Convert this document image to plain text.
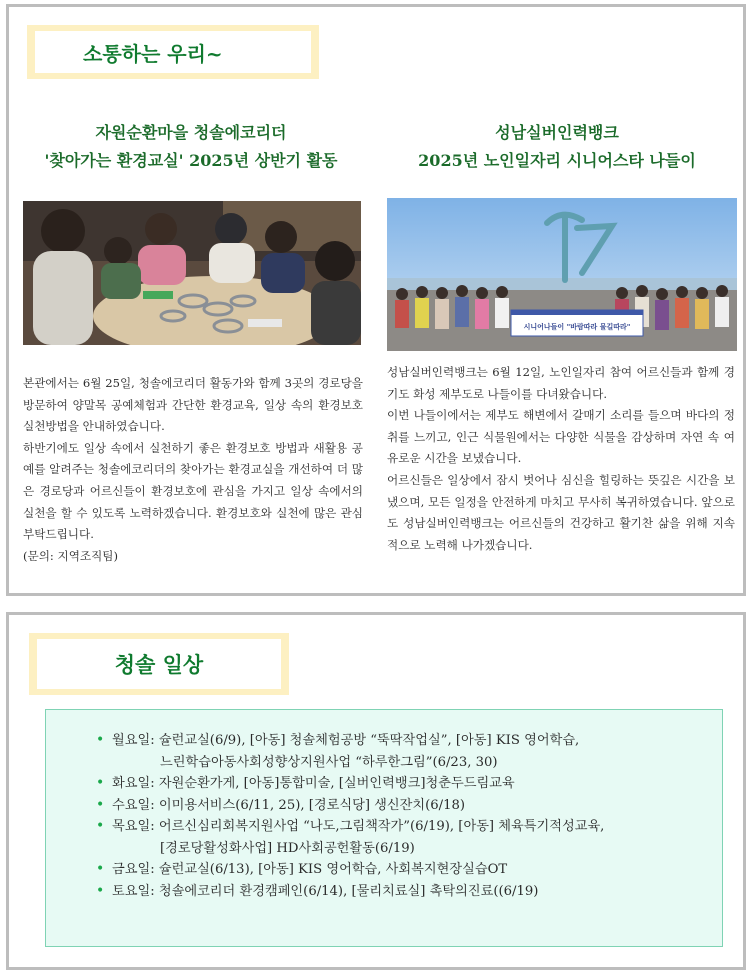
소통하는 우리~
자원순환마을 청솔에코리더
'찾아가는 환경교실' 2025년 상반기 활동

본관에서는 6월 25일, 청솔에코리더 활동가와 함께 3곳의 경로당을 방문하여 양말목 공예체험과 간단한 환경교육, 일상 속의 환경보호 실천방법을 안내하였습니다.

하반기에도 일상 속에서 실천하기 좋은 환경보호 방법과 새활용 공예를 알려주는 청솔에코리더의 찾아가는 환경교실을 개선하여 더 많은 경로당과 어르신들이 환경보호에 관심을 가지고 일상 속에서의 실천을 할 수 있도록 노력하겠습니다. 환경보호와 실천에 많은 관심 부탁드립니다.

(문의: 지역조직팀)

성남실버인력뱅크
2025년 노인일자리 시니어스타 나들이
시니어나들이 "바람따라 물길따라"

성남실버인력뱅크는 6월 12일, 노인일자리 참여 어르신들과 함께 경기도 화성 제부도로 나들이를 다녀왔습니다.

이번 나들이에서는 제부도 해변에서 갈매기 소리를 들으며 바다의 정취를 느끼고, 인근 식물원에서는 다양한 식물을 감상하며 자연 속 여유로운 시간을 보냈습니다.

어르신들은 일상에서 잠시 벗어나 심신을 힐링하는 뜻깊은 시간을 보냈으며, 모든 일정을 안전하게 마치고 무사히 복귀하였습니다. 앞으로도 성남실버인력뱅크는 어르신들의 건강하고 활기찬 삶을 위해 지속적으로 노력해 나가겠습니다.

청솔 일상
• 월요일: 슐런교실(6/9), [아동] 청솔체험공방 “뚝딱작업실”, [아동] KIS 영어학습,
느린학습아동사회성향상지원사업 “하루한그림”(6/23, 30)
• 화요일: 자원순환가게, [아동]통합미술, [실버인력뱅크]청춘두드림교육
• 수요일: 이미용서비스(6/11, 25), [경로식당] 생신잔치(6/18)
• 목요일: 어르신심리회복지원사업 “나도,그림책작가”(6/19), [아동] 체육특기적성교육,
[경로당활성화사업] HD사회공헌활동(6/19)
• 금요일: 슐런교실(6/13), [아동] KIS 영어학습, 사회복지현장실습OT
• 토요일: 청솔에코리더 환경캠페인(6/14), [물리치료실] 촉탁의진료((6/19)
